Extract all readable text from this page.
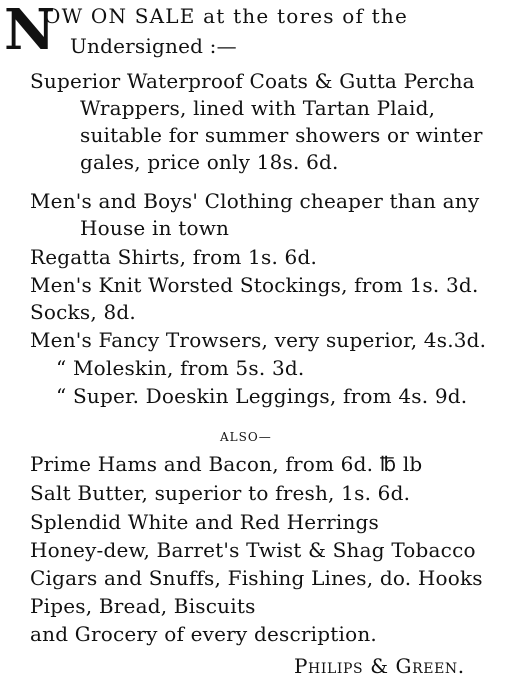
N
OW ON SALE at the tores of the
Undersigned :—
Superior Waterproof Coats & Gutta Percha
Wrappers, lined with Tartan Plaid,
suitable for summer showers or winter
gales, price only 18s. 6d.
Men's and Boys' Clothing cheaper than any
House in town
Regatta Shirts, from 1s. 6d.
Men's Knit Worsted Stockings, from 1s. 3d.
Socks, 8d.
Men's Fancy Trowsers, very superior, 4s.3d.
“ Moleskin, from 5s. 3d.
“ Super. Doeskin Leggings, from 4s. 9d.
ALSO—
Prime Hams and Bacon, from 6d. ℔ lb
Salt Butter, superior to fresh, 1s. 6d.
Splendid White and Red Herrings
Honey-dew, Barret's Twist & Shag Tobacco
Cigars and Snuffs, Fishing Lines, do. Hooks
Pipes, Bread, Biscuits
and Grocery of every description.
Philips & Green.
